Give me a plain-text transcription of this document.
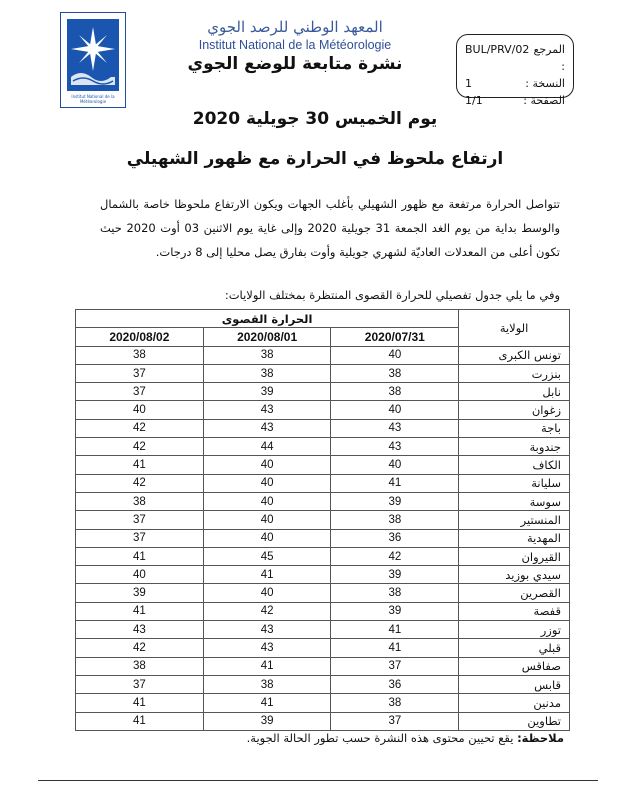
Institut National de la Météorologie
المعهد الوطني للرصد الجوي
Institut National de la Météorologie
نشرة متابعة للوضع الجوي
BUL/PRV/02 المرجع :
1	النسخة :
1/1	الصفحة :
يوم الخميس 30 جويلية 2020
ارتفاع ملحوظ في الحرارة مع ظهور الشهيلي
تتواصل الحرارة مرتفعة مع ظهور الشهيلي بأغلب الجهات ويكون الارتفاع ملحوظا خاصة بالشمال والوسط بداية من يوم الغد الجمعة 31 جويلية 2020 وإلى غاية يوم الاثنين 03 أوت 2020 حيث تكون أعلى من المعدلات العاديّة لشهري جويلية وأوت بفارق يصل محليا إلى 8 درجات.
وفي ما يلي جدول تفصيلي للحرارة القصوى المنتظرة بمختلف الولايات:
الحرارة القصوى			الولاية
2020/08/02	2020/08/01	2020/07/31	
38	38	40	تونس الكبرى
37	38	38	بنزرت
37	39	38	نابل
40	43	40	زغوان
42	43	43	باجة
42	44	43	جندوبة
41	40	40	الكاف
42	40	41	سليانة
38	40	39	سوسة
37	40	38	المنستير
37	40	36	المهدية
41	45	42	القيروان
40	41	39	سيدي بوزيد
39	40	38	القصرين
41	42	39	قفصة
43	43	41	توزر
42	43	41	قبلي
38	41	37	صفاقس
37	38	36	قابس
41	41	38	مدنين
41	39	37	تطاوين
ملاحظة: يقع تحيين محتوى هذه النشرة حسب تطور الحالة الجوية.
